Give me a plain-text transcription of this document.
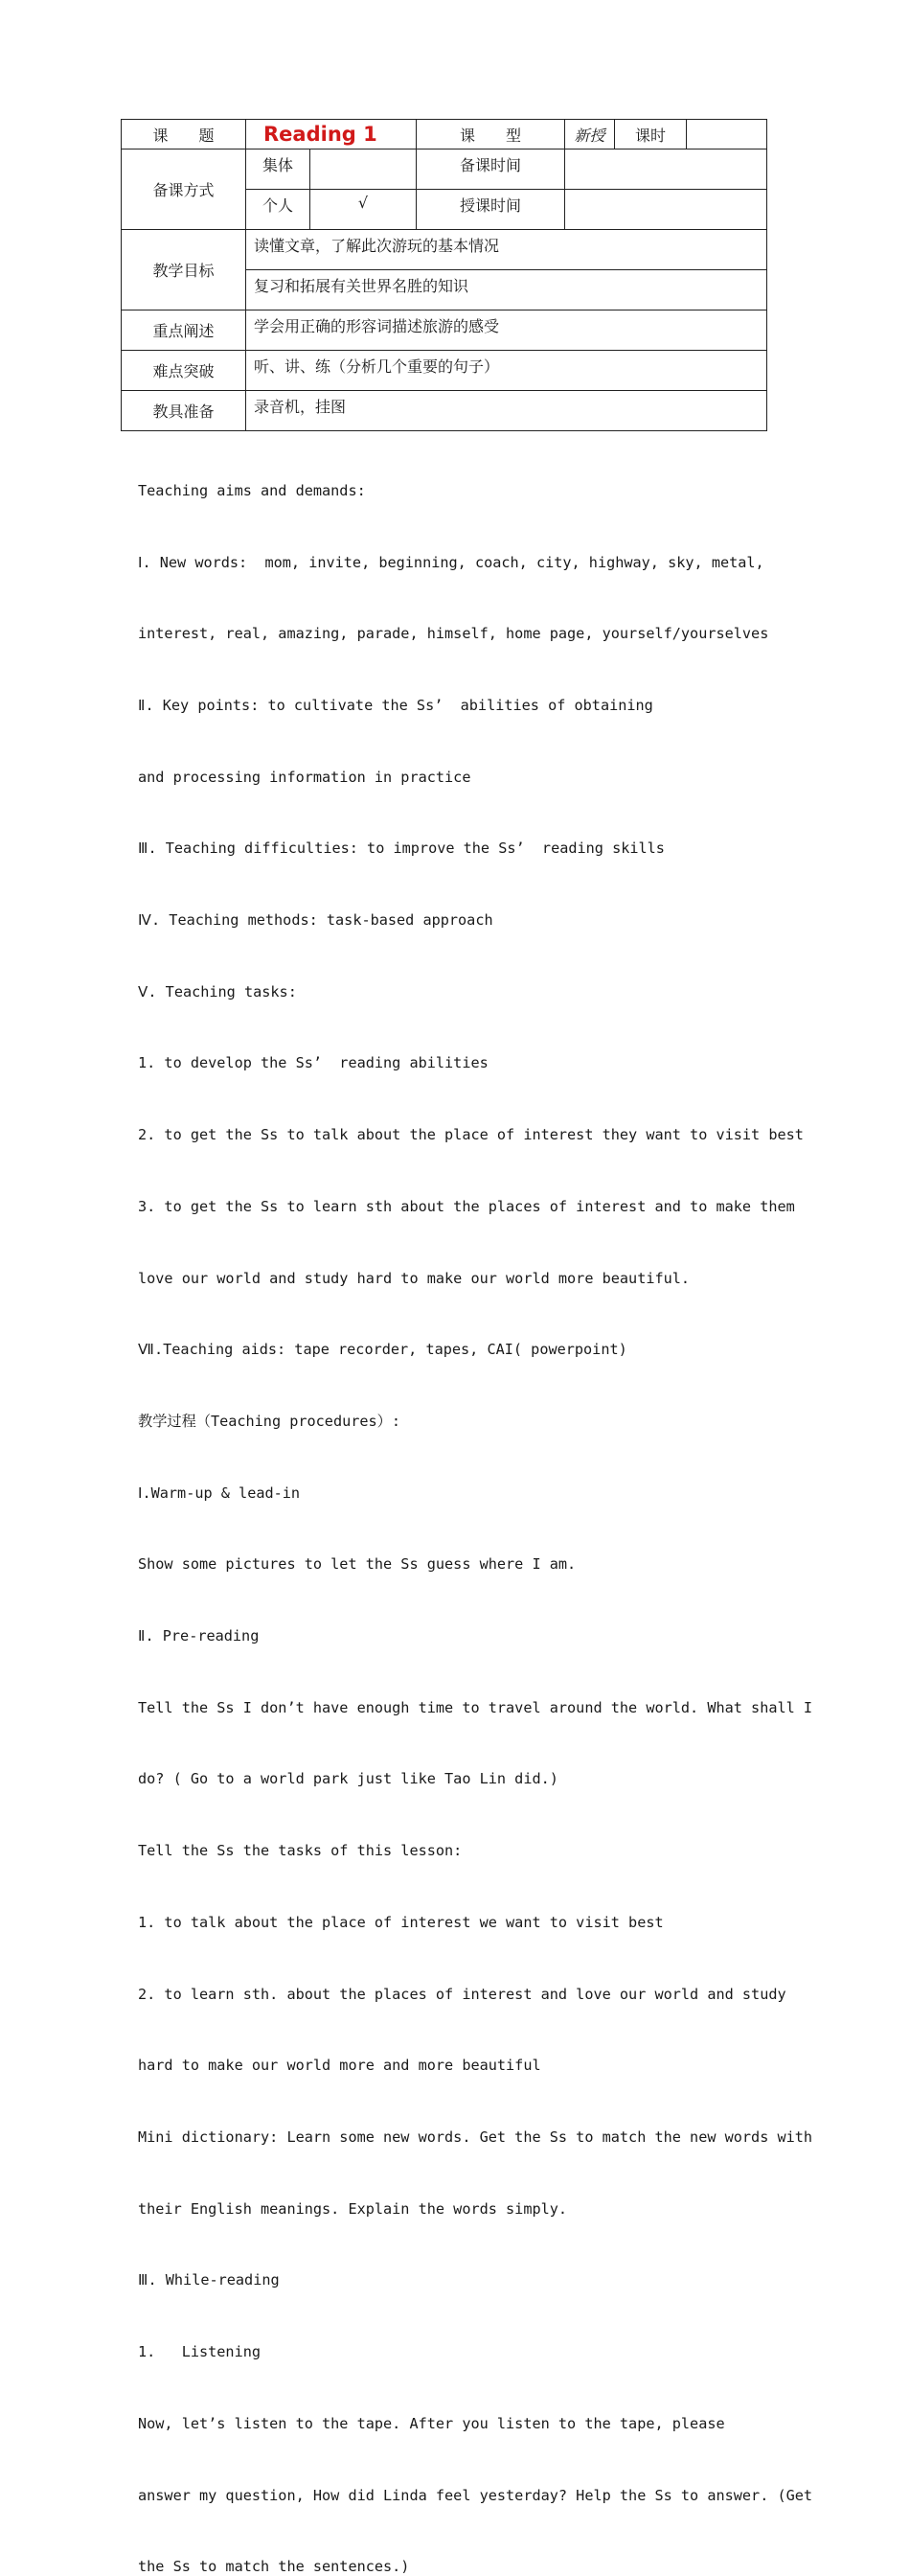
课　　题	Reading 1		课　　型	新授	课时	
备课方式	集体		备课时间			
	个人	√	授课时间			
教学目标	读懂文章，了解此次游玩的基本情况					
	复习和拓展有关世界名胜的知识					
重点阐述	学会用正确的形容词描述旅游的感受					
难点突破	听、讲、练（分析几个重要的句子）					
教具准备	录音机，挂图					

Teaching aims and demands:

Ⅰ. New words:  mom, invite, beginning, coach, city, highway, sky, metal,

interest, real, amazing, parade, himself, home page, yourself/yourselves

Ⅱ. Key points: to cultivate the Ss’  abilities of obtaining

and processing information in practice

Ⅲ. Teaching difficulties: to improve the Ss’  reading skills

Ⅳ. Teaching methods: task-based approach

Ⅴ. Teaching tasks:

1. to develop the Ss’  reading abilities

2. to get the Ss to talk about the place of interest they want to visit best

3. to get the Ss to learn sth about the places of interest and to make them

love our world and study hard to make our world more beautiful.

Ⅶ.Teaching aids: tape recorder, tapes, CAI( powerpoint)

教学过程（Teaching procedures）:

Ⅰ.Warm-up & lead-in

Show some pictures to let the Ss guess where I am.

Ⅱ. Pre-reading

Tell the Ss I don’t have enough time to travel around the world. What shall I

do? ( Go to a world park just like Tao Lin did.)

Tell the Ss the tasks of this lesson:

1. to talk about the place of interest we want to visit best

2. to learn sth. about the places of interest and love our world and study

hard to make our world more and more beautiful

Mini dictionary: Learn some new words. Get the Ss to match the new words with

their English meanings. Explain the words simply.

Ⅲ. While-reading

1.   Listening

Now, let’s listen to the tape. After you listen to the tape, please

answer my question, How did Linda feel yesterday? Help the Ss to answer. (Get

the Ss to match the sentences.)
